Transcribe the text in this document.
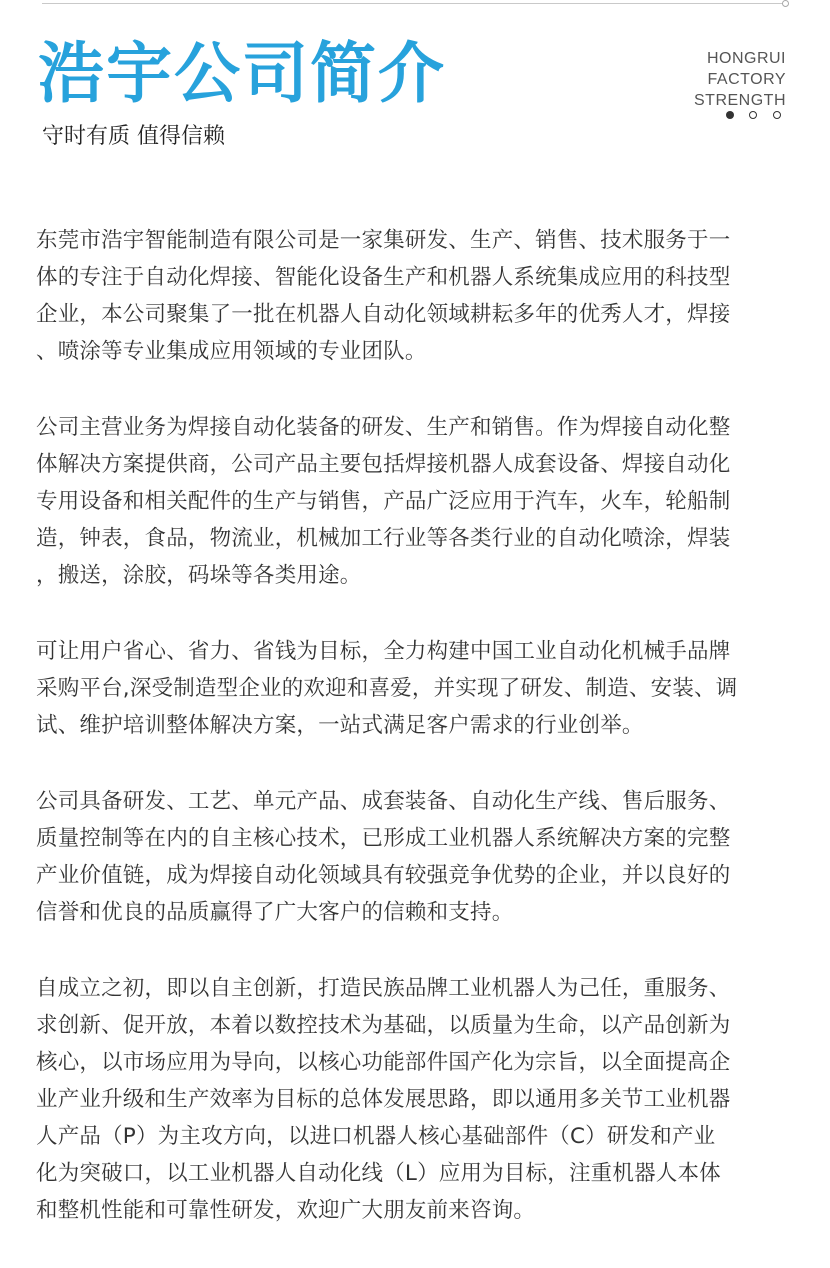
浩宇公司简介
守时有质 值得信赖
HONGRUI
FACTORY
STRENGTH

东莞市浩宇智能制造有限公司是一家集研发、生产、销售、技术服务于一
体的专注于自动化焊接、智能化设备生产和机器人系统集成应用的科技型
企业，本公司聚集了一批在机器人自动化领域耕耘多年的优秀人才，焊接
、喷涂等专业集成应用领域的专业团队。

公司主营业务为焊接自动化装备的研发、生产和销售。作为焊接自动化整
体解决方案提供商，公司产品主要包括焊接机器人成套设备、焊接自动化
专用设备和相关配件的生产与销售，产品广泛应用于汽车，火车，轮船制
造，钟表，食品，物流业，机械加工行业等各类行业的自动化喷涂，焊装
，搬送，涂胶，码垛等各类用途。

可让用户省心、省力、省钱为目标，全力构建中国工业自动化机械手品牌
采购平台,深受制造型企业的欢迎和喜爱，并实现了研发、制造、安装、调
试、维护培训整体解决方案，一站式满足客户需求的行业创举。

公司具备研发、工艺、单元产品、成套装备、自动化生产线、售后服务、
质量控制等在内的自主核心技术，已形成工业机器人系统解决方案的完整
产业价值链，成为焊接自动化领域具有较强竞争优势的企业，并以良好的
信誉和优良的品质赢得了广大客户的信赖和支持。

自成立之初，即以自主创新，打造民族品牌工业机器人为己任，重服务、
求创新、促开放，本着以数控技术为基础，以质量为生命，以产品创新为
核心，以市场应用为导向，以核心功能部件国产化为宗旨，以全面提高企
业产业升级和生产效率为目标的总体发展思路，即以通用多关节工业机器
人产品（P）为主攻方向，以进口机器人核心基础部件（C）研发和产业
化为突破口，以工业机器人自动化线（L）应用为目标，注重机器人本体
和整机性能和可靠性研发，欢迎广大朋友前来咨询。
